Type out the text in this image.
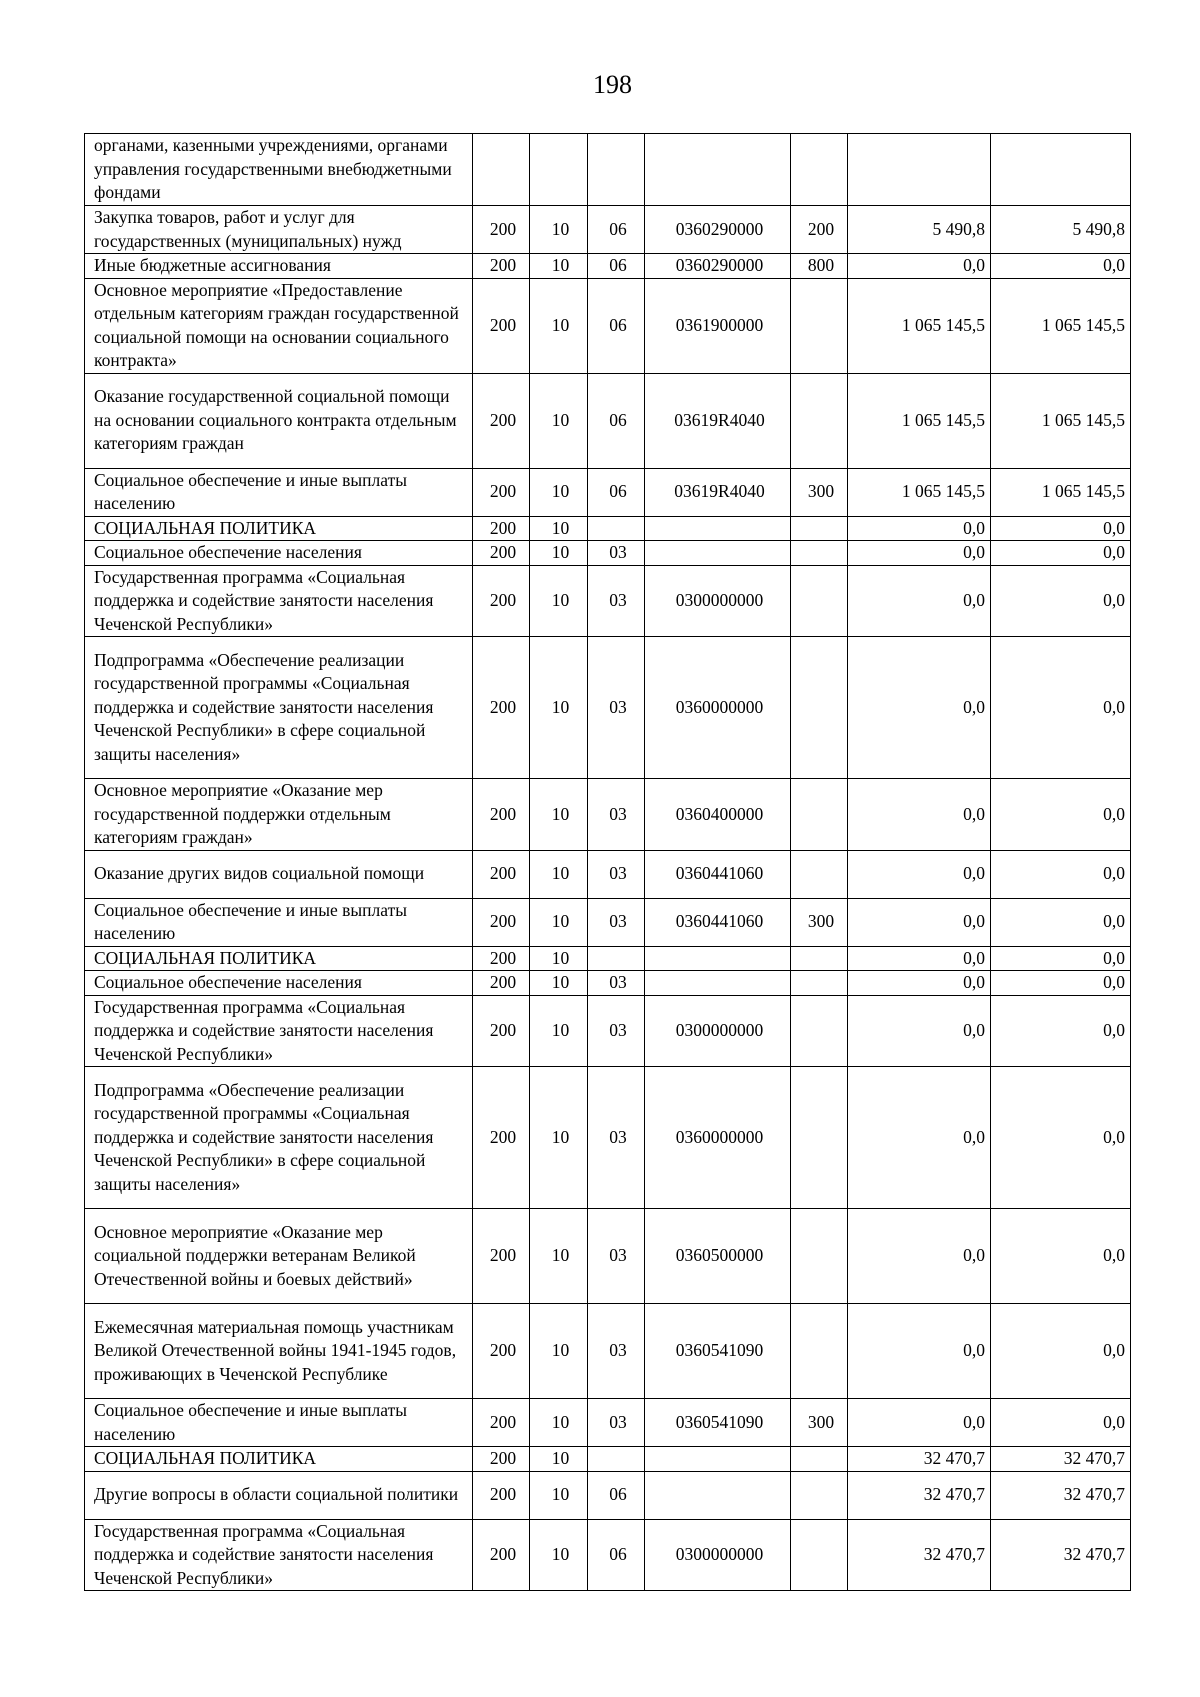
198
органами, казенными учреждениями, органами управления государственными внебюджетными фондами							
Закупка товаров, работ и услуг для государственных (муниципальных) нужд	200	10	06	0360290000	200	5 490,8	5 490,8
Иные бюджетные ассигнования	200	10	06	0360290000	800	0,0	0,0
Основное мероприятие «Предоставление отдельным категориям граждан государственной социальной помощи на основании социального контракта»	200	10	06	0361900000		1 065 145,5	1 065 145,5
Оказание государственной социальной помощи на основании социального контракта отдельным категориям граждан	200	10	06	03619R4040		1 065 145,5	1 065 145,5
Социальное обеспечение и иные выплаты населению	200	10	06	03619R4040	300	1 065 145,5	1 065 145,5
СОЦИАЛЬНАЯ ПОЛИТИКА	200	10				0,0	0,0
Социальное обеспечение населения	200	10	03			0,0	0,0
Государственная программа «Социальная поддержка и содействие занятости населения Чеченской Республики»	200	10	03	0300000000		0,0	0,0
Подпрограмма «Обеспечение реализации государственной программы «Социальная поддержка и содействие занятости населения Чеченской Республики» в сфере социальной защиты населения»	200	10	03	0360000000		0,0	0,0
Основное мероприятие «Оказание мер государственной поддержки отдельным категориям граждан»	200	10	03	0360400000		0,0	0,0
Оказание других видов социальной помощи	200	10	03	0360441060		0,0	0,0
Социальное обеспечение и иные выплаты населению	200	10	03	0360441060	300	0,0	0,0
СОЦИАЛЬНАЯ ПОЛИТИКА	200	10				0,0	0,0
Социальное обеспечение населения	200	10	03			0,0	0,0
Государственная программа «Социальная поддержка и содействие занятости населения Чеченской Республики»	200	10	03	0300000000		0,0	0,0
Подпрограмма «Обеспечение реализации государственной программы «Социальная поддержка и содействие занятости населения Чеченской Республики» в сфере социальной защиты населения»	200	10	03	0360000000		0,0	0,0
Основное мероприятие «Оказание мер социальной поддержки ветеранам Великой Отечественной войны и боевых действий»	200	10	03	0360500000		0,0	0,0
Ежемесячная материальная помощь участникам Великой Отечественной войны 1941-1945 годов, проживающих в Чеченской Республике	200	10	03	0360541090		0,0	0,0
Социальное обеспечение и иные выплаты населению	200	10	03	0360541090	300	0,0	0,0
СОЦИАЛЬНАЯ ПОЛИТИКА	200	10				32 470,7	32 470,7
Другие вопросы в области социальной политики	200	10	06			32 470,7	32 470,7
Государственная программа «Социальная поддержка и содействие занятости населения Чеченской Республики»	200	10	06	0300000000		32 470,7	32 470,7
